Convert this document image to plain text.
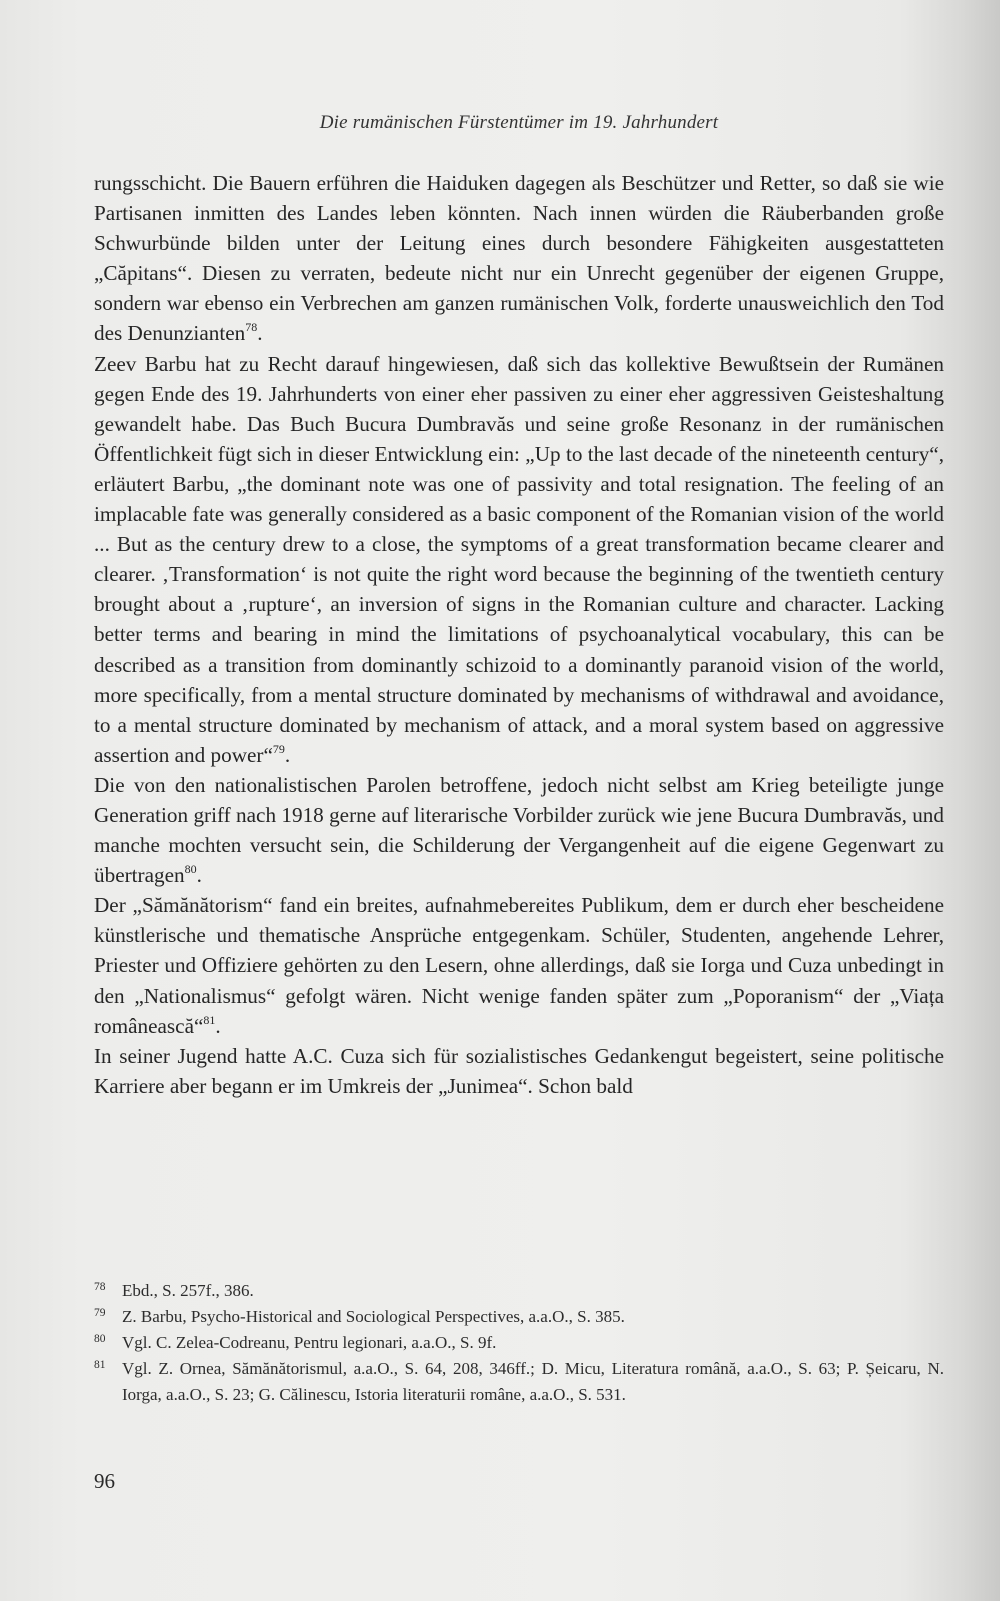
Die rumänischen Fürstentümer im 19. Jahrhundert

rungsschicht. Die Bauern erführen die Haiduken dagegen als Beschützer und Retter, so daß sie wie Partisanen inmitten des Landes leben könnten. Nach innen würden die Räuberbanden große Schwurbünde bilden unter der Leitung eines durch besondere Fähigkeiten ausgestatteten „Căpitans“. Diesen zu verraten, bedeute nicht nur ein Unrecht gegenüber der eigenen Gruppe, sondern war ebenso ein Verbrechen am ganzen rumänischen Volk, forderte unausweichlich den Tod des Denunzianten$^{78}$.

Zeev Barbu hat zu Recht darauf hingewiesen, daß sich das kollektive Bewußtsein der Rumänen gegen Ende des 19. Jahrhunderts von einer eher passiven zu einer eher aggressiven Geisteshaltung gewandelt habe. Das Buch Bucura Dumbravăs und seine große Resonanz in der rumänischen Öffentlichkeit fügt sich in dieser Entwicklung ein: „Up to the last decade of the nineteenth century“, erläutert Barbu, „the dominant note was one of passivity and total resignation. The feeling of an implacable fate was generally considered as a basic component of the Romanian vision of the world ... But as the century drew to a close, the symptoms of a great transformation became clearer and clearer. ‚Transformation‘ is not quite the right word because the beginning of the twentieth century brought about a ‚rupture‘, an inversion of signs in the Romanian culture and character. Lacking better terms and bearing in mind the limitations of psychoanalytical vocabulary, this can be described as a transition from dominantly schizoid to a dominantly paranoid vision of the world, more specifically, from a mental structure dominated by mechanisms of withdrawal and avoidance, to a mental structure dominated by mechanism of attack, and a moral system based on aggressive assertion and power“$^{79}$.

Die von den nationalistischen Parolen betroffene, jedoch nicht selbst am Krieg beteiligte junge Generation griff nach 1918 gerne auf literarische Vorbilder zurück wie jene Bucura Dumbravăs, und manche mochten versucht sein, die Schilderung der Vergangenheit auf die eigene Gegenwart zu übertragen$^{80}$.

Der „Sămănătorism“ fand ein breites, aufnahmebereites Publikum, dem er durch eher bescheidene künstlerische und thematische Ansprüche entgegenkam. Schüler, Studenten, angehende Lehrer, Priester und Offiziere gehörten zu den Lesern, ohne allerdings, daß sie Iorga und Cuza unbedingt in den „Nationalismus“ gefolgt wären. Nicht wenige fanden später zum „Poporanism“ der „Viața românească“$^{81}$.

In seiner Jugend hatte A.C. Cuza sich für sozialistisches Gedankengut begeistert, seine politische Karriere aber begann er im Umkreis der „Junimea“. Schon bald

78 Ebd., S. 257f., 386.
79 Z. Barbu, Psycho-Historical and Sociological Perspectives, a.a.O., S. 385.
80 Vgl. C. Zelea-Codreanu, Pentru legionari, a.a.O., S. 9f.
81 Vgl. Z. Ornea, Sămănătorismul, a.a.O., S. 64, 208, 346ff.; D. Micu, Literatura română, a.a.O., S. 63; P. Șeicaru, N. Iorga, a.a.O., S. 23; G. Călinescu, Istoria literaturii române, a.a.O., S. 531.
96
